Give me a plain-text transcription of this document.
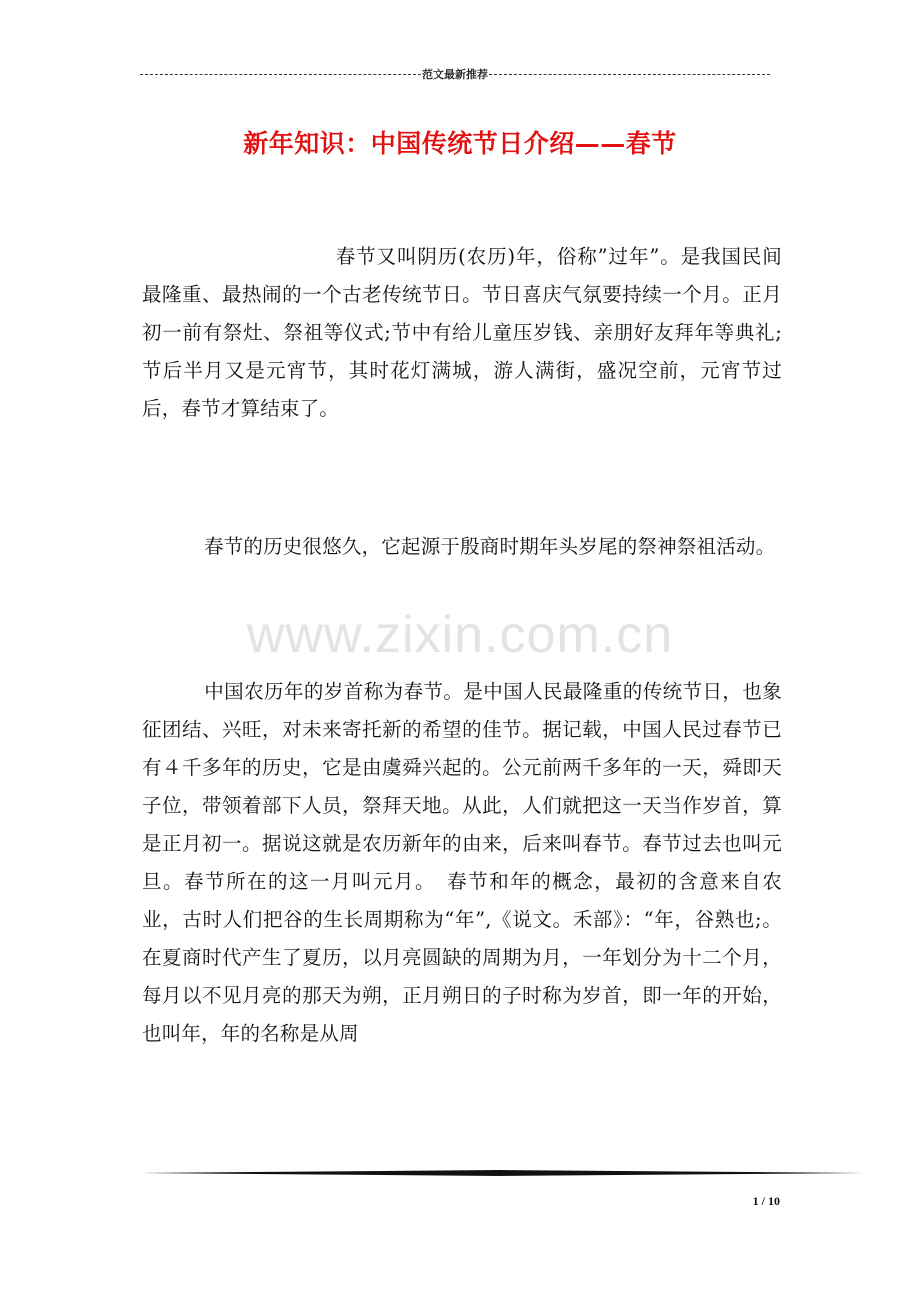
范文最新推荐
新年知识：中国传统节日介绍——春节
春节又叫阴历(农历)年，俗称”过年”。是我国民间最隆重、最热闹的一个古老传统节日。节日喜庆气氛要持续一个月。正月初一前有祭灶、祭祖等仪式;节中有给儿童压岁钱、亲朋好友拜年等典礼;节后半月又是元宵节，其时花灯满城，游人满街，盛况空前，元宵节过后，春节才算结束了。
春节的历史很悠久，它起源于殷商时期年头岁尾的祭神祭祖活动。
www.zixin.com.cn
中国农历年的岁首称为春节。是中国人民最隆重的传统节日，也象征团结、兴旺，对未来寄托新的希望的佳节。据记载，中国人民过春节已有４千多年的历史，它是由虞舜兴起的。公元前两千多年的一天，舜即天子位，带领着部下人员，祭拜天地。从此，人们就把这一天当作岁首，算是正月初一。据说这就是农历新年的由来，后来叫春节。春节过去也叫元旦。春节所在的这一月叫元月。　春节和年的概念，最初的含意来自农业，古时人们把谷的生长周期称为“年”,《说文。禾部》：“年，谷熟也;。在夏商时代产生了夏历，以月亮圆缺的周期为月，一年划分为十二个月，每月以不见月亮的那天为朔，正月朔日的子时称为岁首，即一年的开始，也叫年，年的名称是从周
1 / 10
